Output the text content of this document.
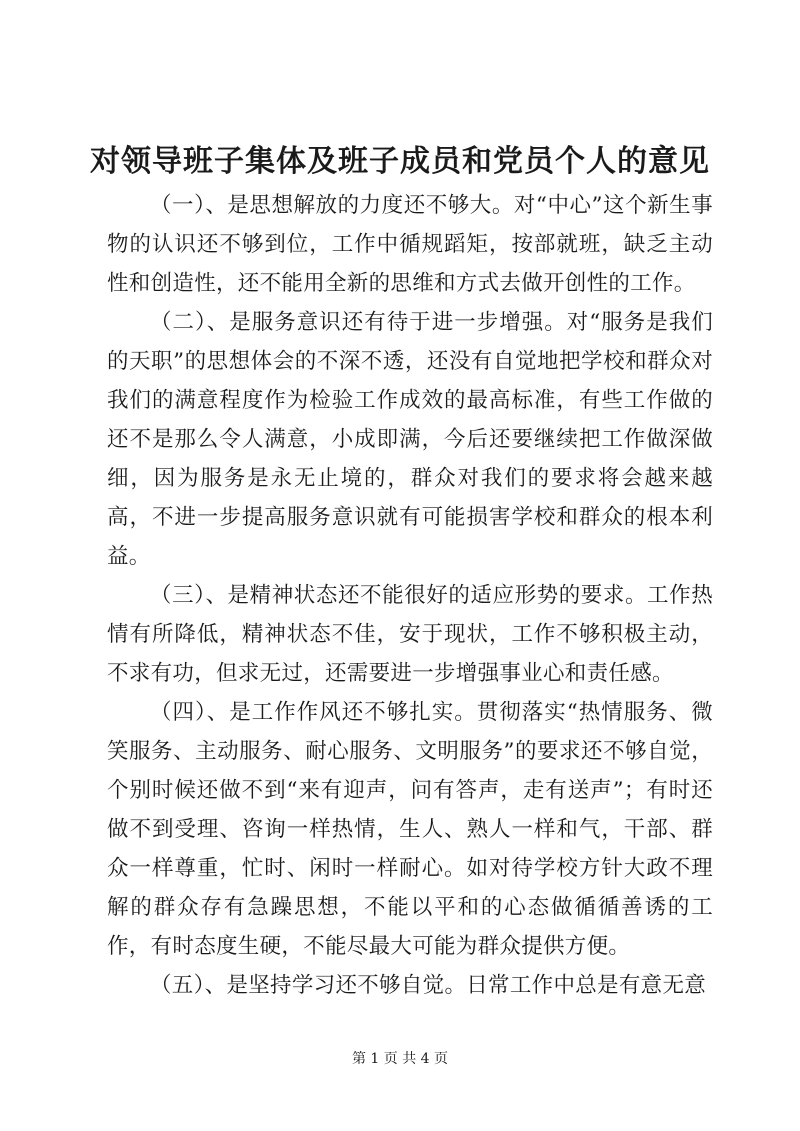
对领导班子集体及班子成员和党员个人的意见

（一）、是思想解放的力度还不够大。对“中心”这个新生事物的认识还不够到位，工作中循规蹈矩，按部就班，缺乏主动性和创造性，还不能用全新的思维和方式去做开创性的工作。

（二）、是服务意识还有待于进一步增强。对“服务是我们的天职”的思想体会的不深不透，还没有自觉地把学校和群众对我们的满意程度作为检验工作成效的最高标准，有些工作做的还不是那么令人满意，小成即满，今后还要继续把工作做深做细，因为服务是永无止境的，群众对我们的要求将会越来越高，不进一步提高服务意识就有可能损害学校和群众的根本利益。

（三）、是精神状态还不能很好的适应形势的要求。工作热情有所降低，精神状态不佳，安于现状，工作不够积极主动，不求有功，但求无过，还需要进一步增强事业心和责任感。

（四）、是工作作风还不够扎实。贯彻落实“热情服务、微笑服务、主动服务、耐心服务、文明服务”的要求还不够自觉，个别时候还做不到“来有迎声，问有答声，走有送声”；有时还做不到受理、咨询一样热情，生人、熟人一样和气，干部、群众一样尊重，忙时、闲时一样耐心。如对待学校方针大政不理解的群众存有急躁思想，不能以平和的心态做循循善诱的工作，有时态度生硬，不能尽最大可能为群众提供方便。

（五）、是坚持学习还不够自觉。日常工作中总是有意无意

第 1 页 共 4 页
